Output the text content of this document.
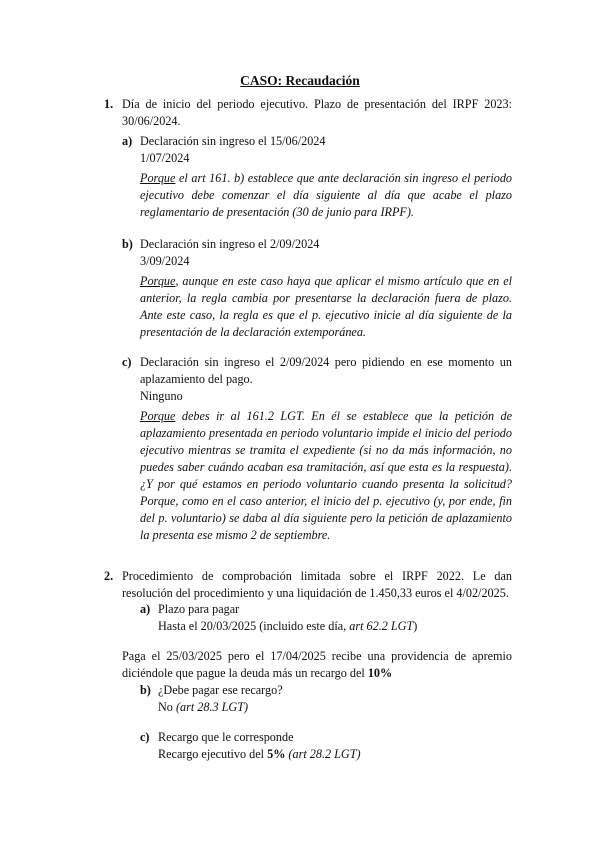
CASO: Recaudación
1. Día de inicio del periodo ejecutivo. Plazo de presentación del IRPF 2023: 30/06/2024.

a) Declaración sin ingreso el 15/06/2024

1/07/2024

Porque el art 161. b) establece que ante declaración sin ingreso el periodo ejecutivo debe comenzar el día siguiente al día que acabe el plazo reglamentario de presentación (30 de junio para IRPF).

b) Declaración sin ingreso el 2/09/2024

3/09/2024

Porque, aunque en este caso haya que aplicar el mismo artículo que en el anterior, la regla cambia por presentarse la declaración fuera de plazo. Ante este caso, la regla es que el p. ejecutivo inicie al día siguiente de la presentación de la declaración extemporánea.

c) Declaración sin ingreso el 2/09/2024 pero pidiendo en ese momento un aplazamiento del pago.

Ninguno

Porque debes ir al 161.2 LGT. En él se establece que la petición de aplazamiento presentada en periodo voluntario impide el inicio del periodo ejecutivo mientras se tramita el expediente (si no da más información, no puedes saber cuándo acaban esa tramitación, así que esta es la respuesta). ¿Y por qué estamos en periodo voluntario cuando presenta la solicitud? Porque, como en el caso anterior, el inicio del p. ejecutivo (y, por ende, fin del p. voluntario) se daba al día siguiente pero la petición de aplazamiento la presenta ese mismo 2 de septiembre.

2. Procedimiento de comprobación limitada sobre el IRPF 2022. Le dan resolución del procedimiento y una liquidación de 1.450,33 euros el 4/02/2025.

a) Plazo para pagar

Hasta el 20/03/2025 (incluido este día, art 62.2 LGT)

Paga el 25/03/2025 pero el 17/04/2025 recibe una providencia de apremio diciéndole que pague la deuda más un recargo del 10%

b) ¿Debe pagar ese recargo?

No (art 28.3 LGT)

c) Recargo que le corresponde

Recargo ejecutivo del 5% (art 28.2 LGT)
